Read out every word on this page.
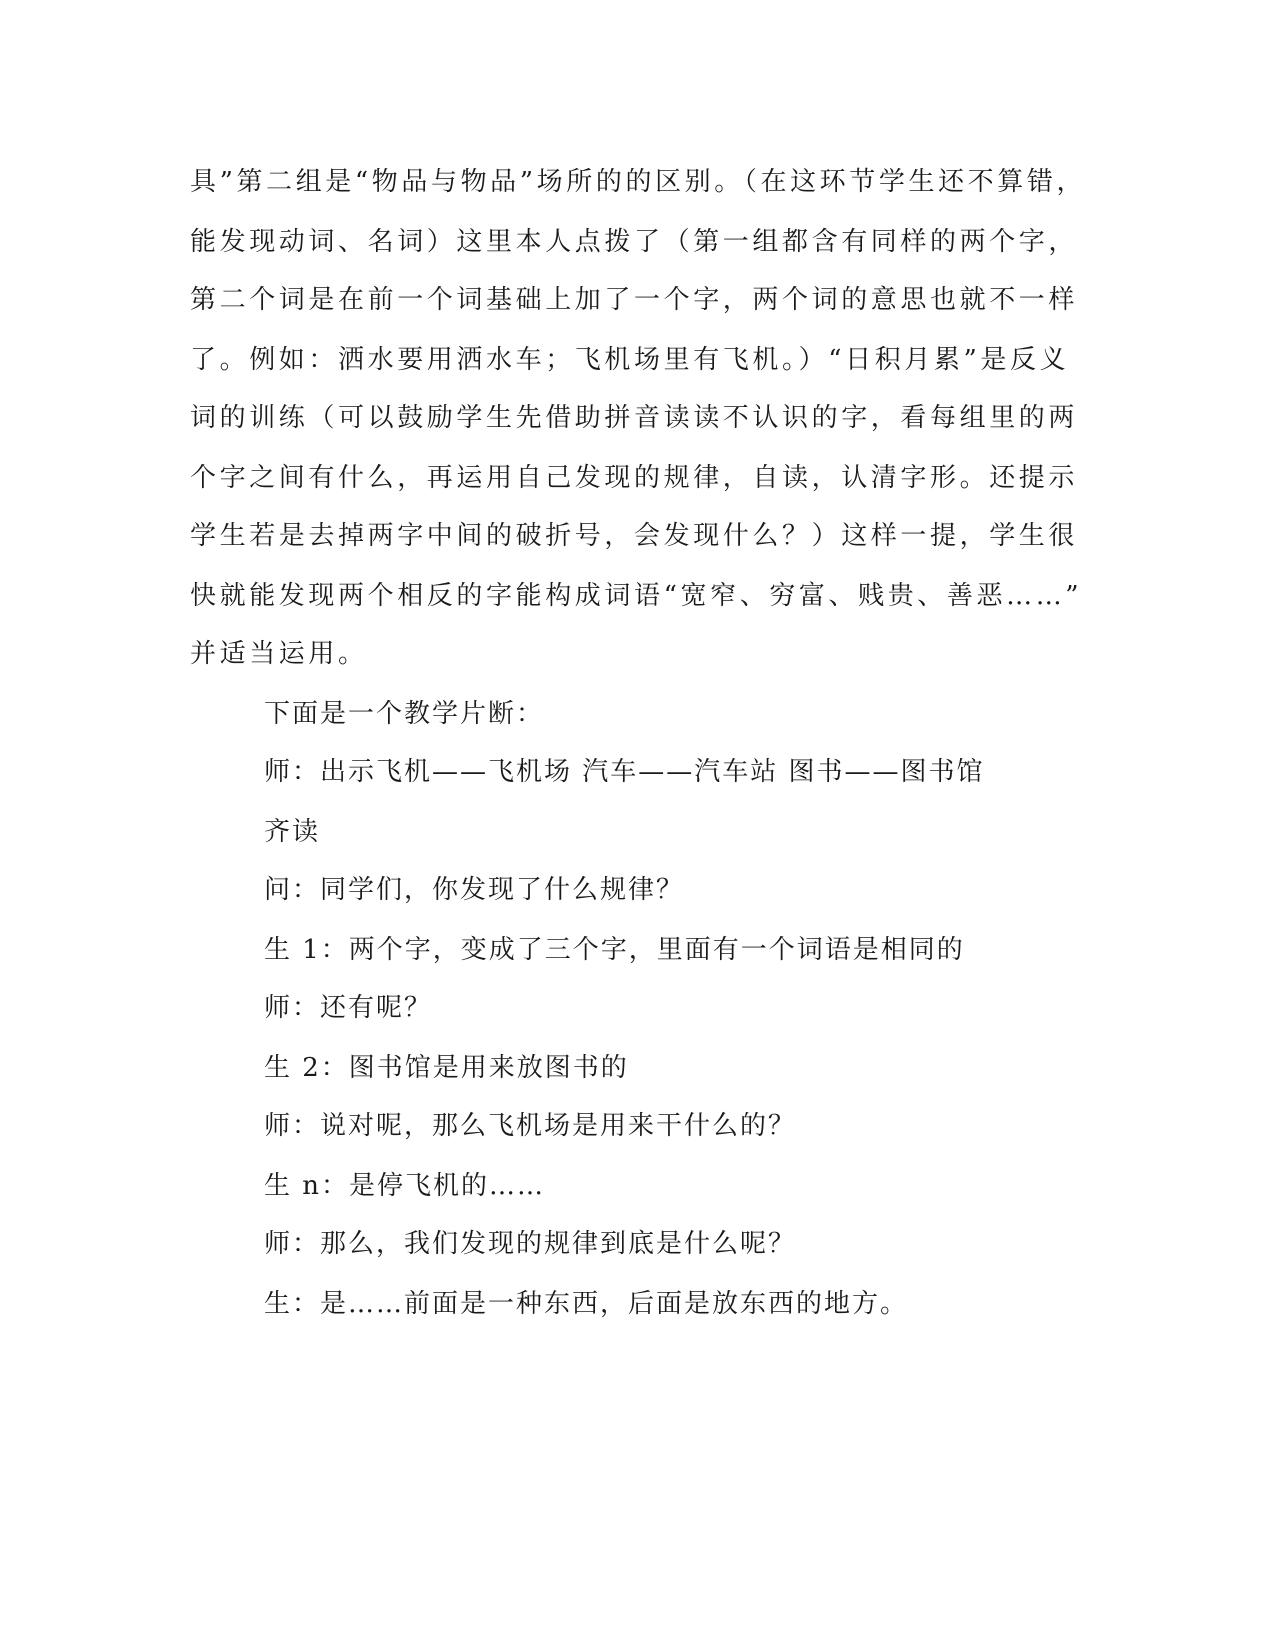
具”第二组是“物品与物品”场所的的区别。（在这环节学生还不算错，
能发现动词、名词）这里本人点拨了（第一组都含有同样的两个字，
第二个词是在前一个词基础上加了一个字，两个词的意思也就不一样
了。例如：洒水要用洒水车；飞机场里有飞机。）“日积月累”是反义
词的训练（可以鼓励学生先借助拼音读读不认识的字，看每组里的两
个字之间有什么，再运用自己发现的规律，自读，认清字形。还提示
学生若是去掉两字中间的破折号，会发现什么？）这样一提，学生很
快就能发现两个相反的字能构成词语“宽窄、穷富、贱贵、善恶……”
并适当运用。
下面是一个教学片断：
师：出示飞机——飞机场 汽车——汽车站 图书——图书馆
齐读
问：同学们，你发现了什么规律？
生 1：两个字，变成了三个字，里面有一个词语是相同的
师：还有呢？
生 2：图书馆是用来放图书的
师：说对呢，那么飞机场是用来干什么的？
生 n：是停飞机的……
师：那么，我们发现的规律到底是什么呢？
生：是……前面是一种东西，后面是放东西的地方。
